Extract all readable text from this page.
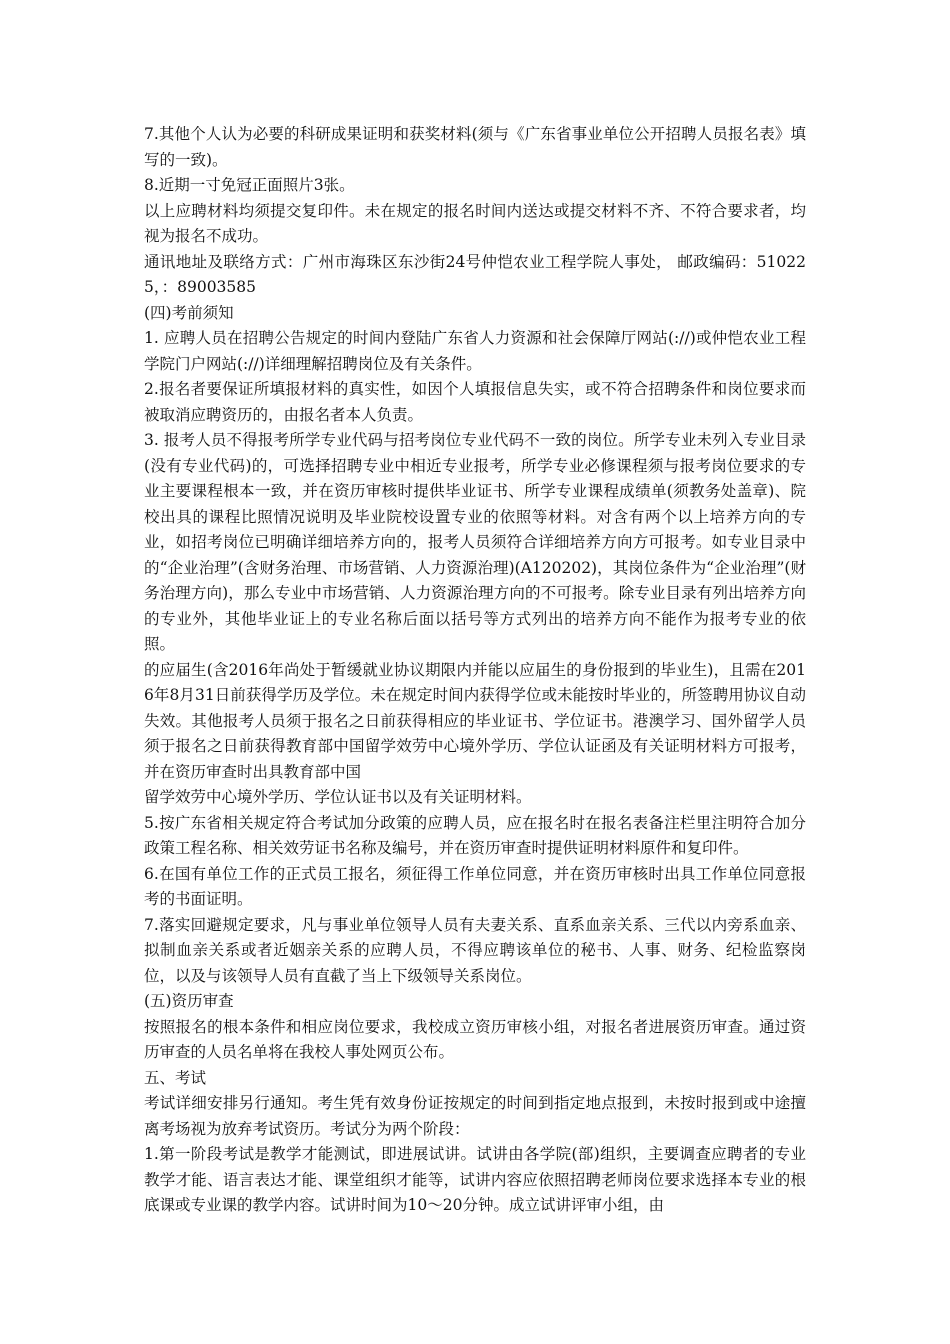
7.其他个人认为必要的科研成果证明和获奖材料(须与《广东省事业单位公开招聘人员报名表》填写的一致)。

8.近期一寸免冠正面照片3张。

以上应聘材料均须提交复印件。未在规定的报名时间内送达或提交材料不齐、不符合要求者，均视为报名不成功。

通讯地址及联络方式：广州市海珠区东沙街24号仲恺农业工程学院人事处， 邮政编码：510225，：89003585

(四)考前须知

1. 应聘人员在招聘公告规定的时间内登陆广东省人力资源和社会保障厅网站(://)或仲恺农业工程学院门户网站(://)详细理解招聘岗位及有关条件。

2.报名者要保证所填报材料的真实性，如因个人填报信息失实，或不符合招聘条件和岗位要求而被取消应聘资历的，由报名者本人负责。

3. 报考人员不得报考所学专业代码与招考岗位专业代码不一致的岗位。所学专业未列入专业目录(没有专业代码)的，可选择招聘专业中相近专业报考，所学专业必修课程须与报考岗位要求的专业主要课程根本一致，并在资历审核时提供毕业证书、所学专业课程成绩单(须教务处盖章)、院校出具的课程比照情况说明及毕业院校设置专业的依照等材料。对含有两个以上培养方向的专业，如招考岗位已明确详细培养方向的，报考人员须符合详细培养方向方可报考。如专业目录中的“企业治理”(含财务治理、市场营销、人力资源治理)(A120202)，其岗位条件为“企业治理”(财务治理方向)，那么专业中市场营销、人力资源治理方向的不可报考。除专业目录有列出培养方向的专业外，其他毕业证上的专业名称后面以括号等方式列出的培养方向不能作为报考专业的依照。

的应届生(含2016年尚处于暂缓就业协议期限内并能以应届生的身份报到的毕业生)，且需在2016年8月31日前获得学历及学位。未在规定时间内获得学位或未能按时毕业的，所签聘用协议自动失效。其他报考人员须于报名之日前获得相应的毕业证书、学位证书。港澳学习、国外留学人员须于报名之日前获得教育部中国留学效劳中心境外学历、学位认证函及有关证明材料方可报考，并在资历审查时出具教育部中国

留学效劳中心境外学历、学位认证书以及有关证明材料。

5.按广东省相关规定符合考试加分政策的应聘人员，应在报名时在报名表备注栏里注明符合加分政策工程名称、相关效劳证书名称及编号，并在资历审查时提供证明材料原件和复印件。

6.在国有单位工作的正式员工报名，须征得工作单位同意，并在资历审核时出具工作单位同意报考的书面证明。

7.落实回避规定要求，凡与事业单位领导人员有夫妻关系、直系血亲关系、三代以内旁系血亲、拟制血亲关系或者近姻亲关系的应聘人员，不得应聘该单位的秘书、人事、财务、纪检监察岗位，以及与该领导人员有直截了当上下级领导关系岗位。

(五)资历审查

按照报名的根本条件和相应岗位要求，我校成立资历审核小组，对报名者进展资历审查。通过资历审查的人员名单将在我校人事处网页公布。

五、考试

考试详细安排另行通知。考生凭有效身份证按规定的时间到指定地点报到，未按时报到或中途擅离考场视为放弃考试资历。考试分为两个阶段：

1.第一阶段考试是教学才能测试，即进展试讲。试讲由各学院(部)组织，主要调查应聘者的专业教学才能、语言表达才能、课堂组织才能等，试讲内容应依照招聘老师岗位要求选择本专业的根底课或专业课的教学内容。试讲时间为10～20分钟。成立试讲评审小组，由
